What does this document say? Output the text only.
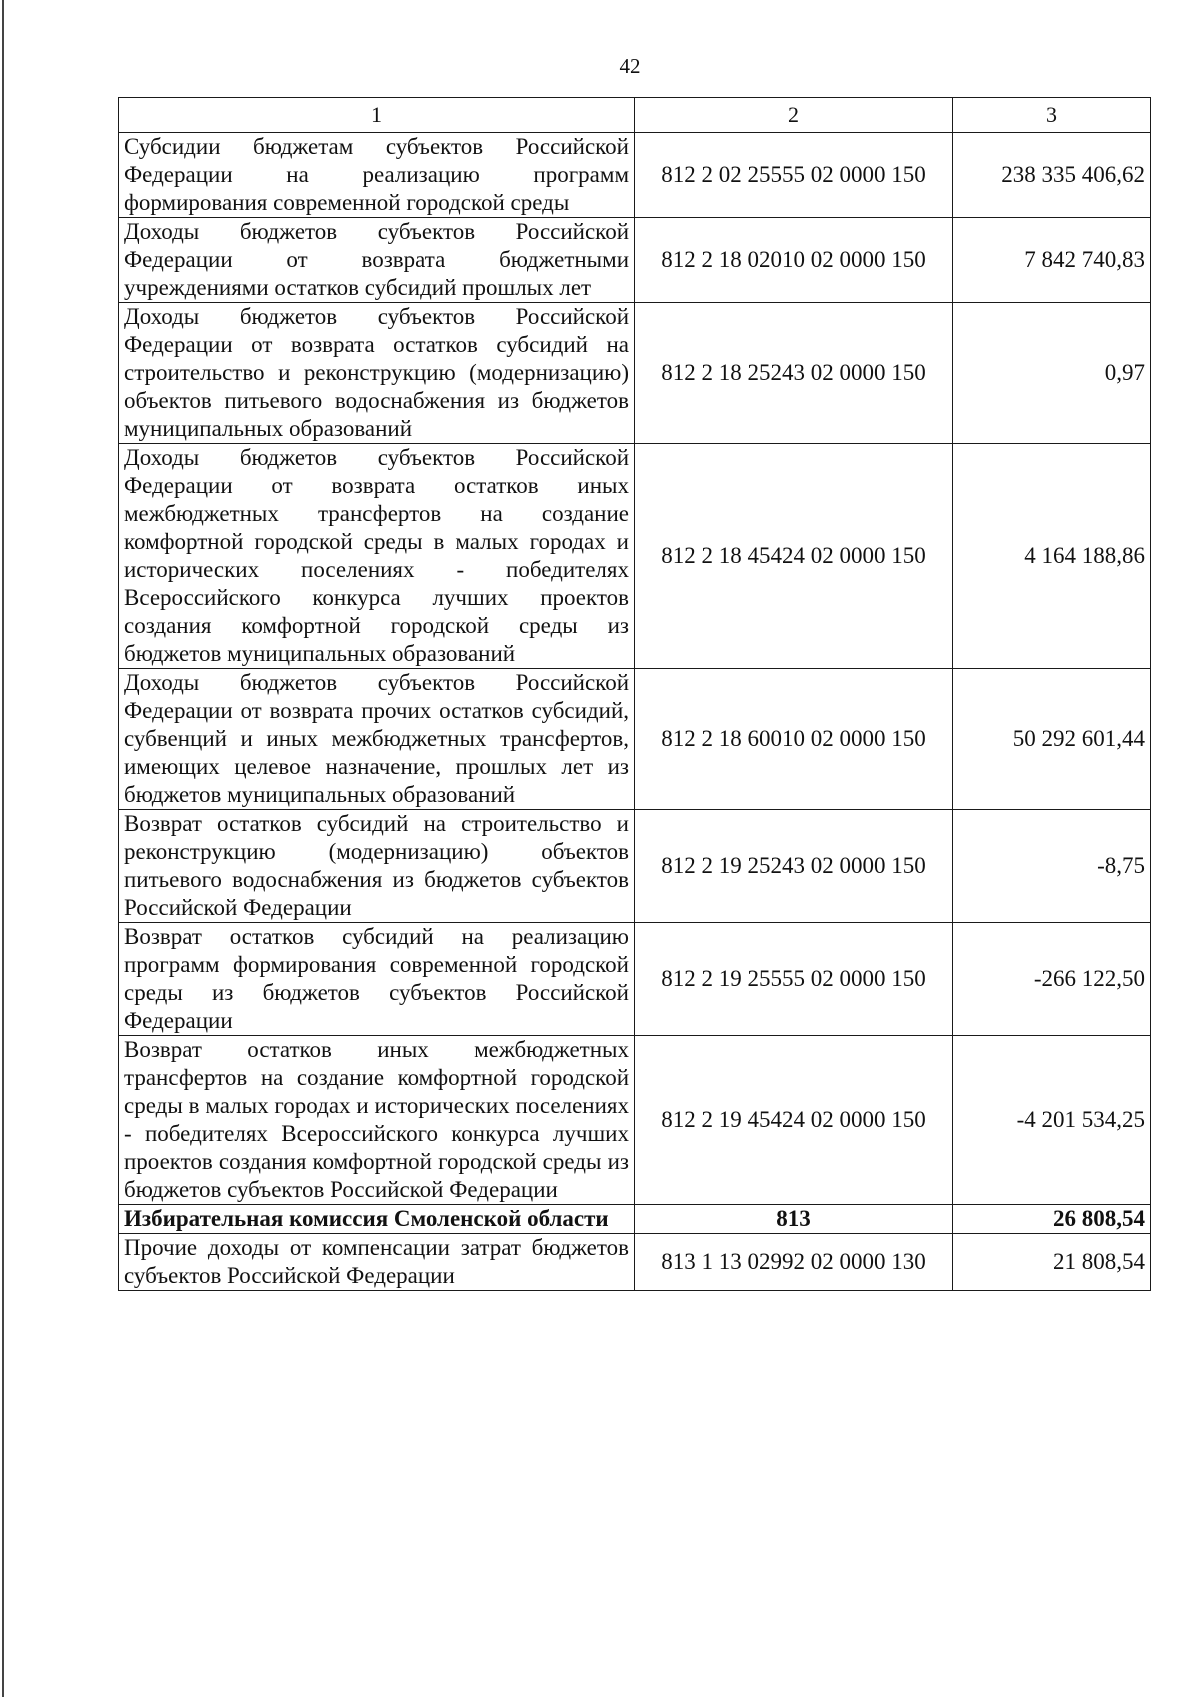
42
1	2	3
Субсидии бюджетам субъектов Российской Федерации на реализацию программ формирования современной городской среды	812 2 02 25555 02 0000 150	238 335 406,62
Доходы бюджетов субъектов Российской Федерации от возврата бюджетными учреждениями остатков субсидий прошлых лет	812 2 18 02010 02 0000 150	7 842 740,83
Доходы бюджетов субъектов Российской Федерации от возврата остатков субсидий на строительство и реконструкцию (модернизацию) объектов питьевого водоснабжения из бюджетов муниципальных образований	812 2 18 25243 02 0000 150	0,97
Доходы бюджетов субъектов Российской Федерации от возврата остатков иных межбюджетных трансфертов на создание комфортной городской среды в малых городах и исторических поселениях - победителях Всероссийского конкурса лучших проектов создания комфортной городской среды из бюджетов муниципальных образований	812 2 18 45424 02 0000 150	4 164 188,86
Доходы бюджетов субъектов Российской Федерации от возврата прочих остатков субсидий, субвенций и иных межбюджетных трансфертов, имеющих целевое назначение, прошлых лет из бюджетов муниципальных образований	812 2 18 60010 02 0000 150	50 292 601,44
Возврат остатков субсидий на строительство и реконструкцию (модернизацию) объектов питьевого водоснабжения из бюджетов субъектов Российской Федерации	812 2 19 25243 02 0000 150	-8,75
Возврат остатков субсидий на реализацию программ формирования современной городской среды из бюджетов субъектов Российской Федерации	812 2 19 25555 02 0000 150	-266 122,50
Возврат остатков иных межбюджетных трансфертов на создание комфортной городской среды в малых городах и исторических поселениях - победителях Всероссийского конкурса лучших проектов создания комфортной городской среды из бюджетов субъектов Российской Федерации	812 2 19 45424 02 0000 150	-4 201 534,25
Избирательная комиссия Смоленской области	813	26 808,54
Прочие доходы от компенсации затрат бюджетов субъектов Российской Федерации	813 1 13 02992 02 0000 130	21 808,54
